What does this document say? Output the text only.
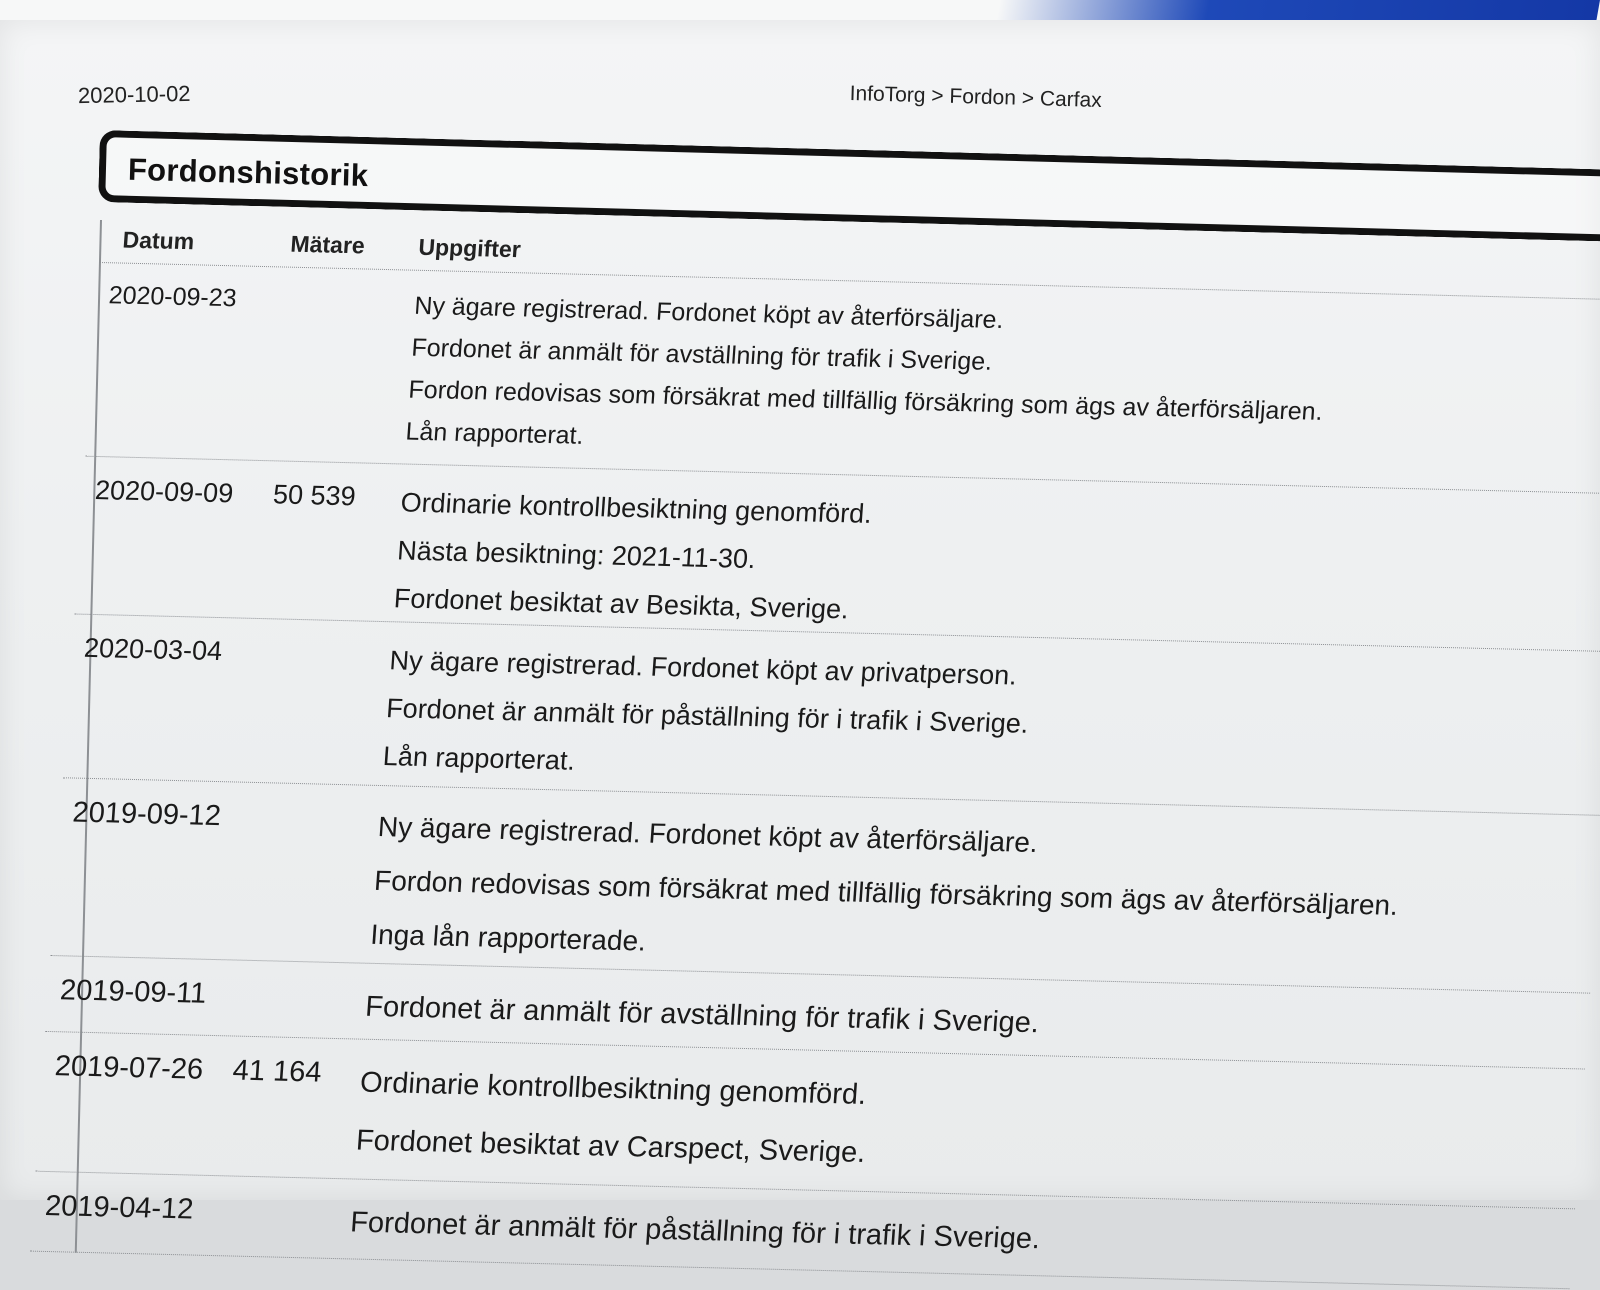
2020-10-02	InfoTorg > Fordon > Carfax
Fordonshistorik
Datum	Mätare Uppgifter
2020-09-23	Ny ägare registrerad. Fordonet köpt av återförsäljare.
Fordonet är anmält för avställning för trafik i Sverige.
Fordon redovisas som försäkrat med tillfällig försäkring som ägs av återförsäljaren.
Lån rapporterat.
2020-09-09 50 539 Ordinarie kontrollbesiktning genomförd.
Nästa besiktning: 2021-11-30.
Fordonet besiktat av Besikta, Sverige.
2020-03-04	Ny ägare registrerad. Fordonet köpt av privatperson.
Fordonet är anmält för påställning för i trafik i Sverige.
Lån rapporterat.
2019-09-12	Ny ägare registrerad. Fordonet köpt av återförsäljare.
Fordon redovisas som försäkrat med tillfällig försäkring som ägs av återförsäljaren.
Inga lån rapporterade.
2019-09-11	Fordonet är anmält för avställning för trafik i Sverige.
2019-07-26 41 164 Ordinarie kontrollbesiktning genomförd.
Fordonet besiktat av Carspect, Sverige.
2019-04-12	Fordonet är anmält för påställning för i trafik i Sverige.
